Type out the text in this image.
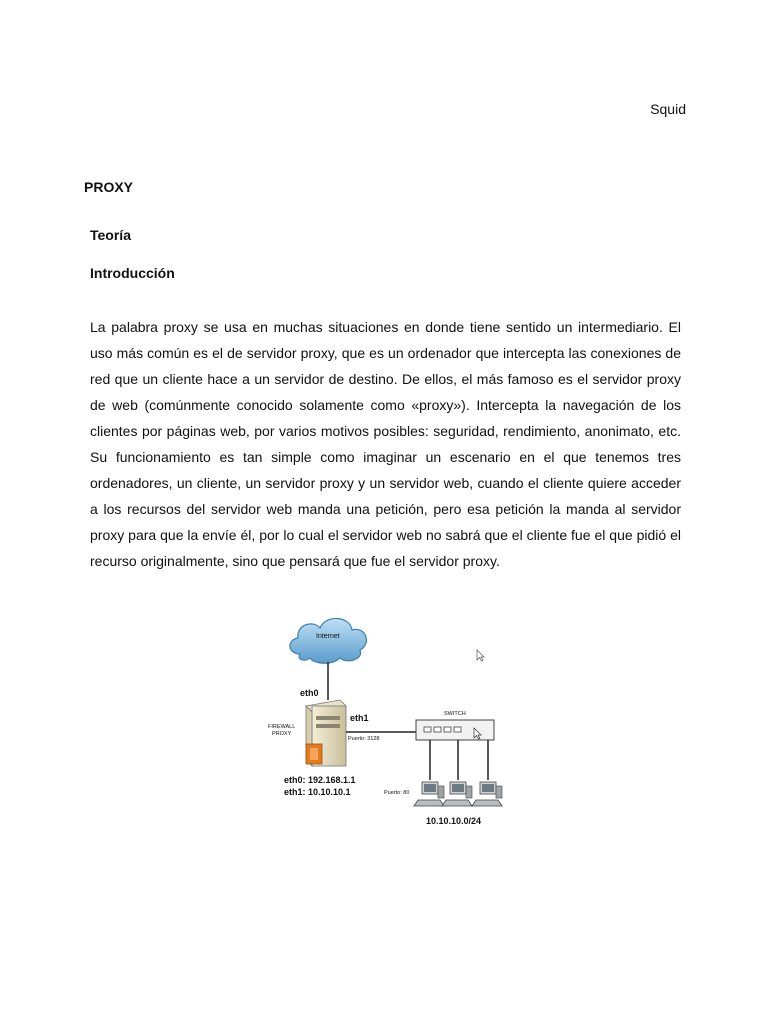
Squid
PROXY
Teoría
Introducción

La palabra proxy se usa en muchas situaciones en donde tiene sentido un intermediario. El uso más común es el de servidor proxy, que es un ordenador que intercepta las conexiones de red que un cliente hace a un servidor de destino. De ellos, el más famoso es el servidor proxy de web (comúnmente conocido solamente como «proxy»). Intercepta la navegación de los clientes por páginas web, por varios motivos posibles: seguridad, rendimiento, anonimato, etc. Su funcionamiento es tan simple como imaginar un escenario en el que tenemos tres ordenadores, un cliente, un servidor proxy y un servidor web, cuando el cliente quiere acceder a los recursos del servidor web manda una petición, pero esa petición la manda al servidor proxy para que la envíe él, por lo cual el servidor web no sabrá que el cliente fue el que pidió el recurso originalmente, sino que pensará que fue el servidor proxy.

Internet
eth0
FIREWALL
PROXY
eth1
Puerto: 3128
SWITCH
Puerto: 80
eth0: 192.168.1.1
eth1: 10.10.10.1
10.10.10.0/24
